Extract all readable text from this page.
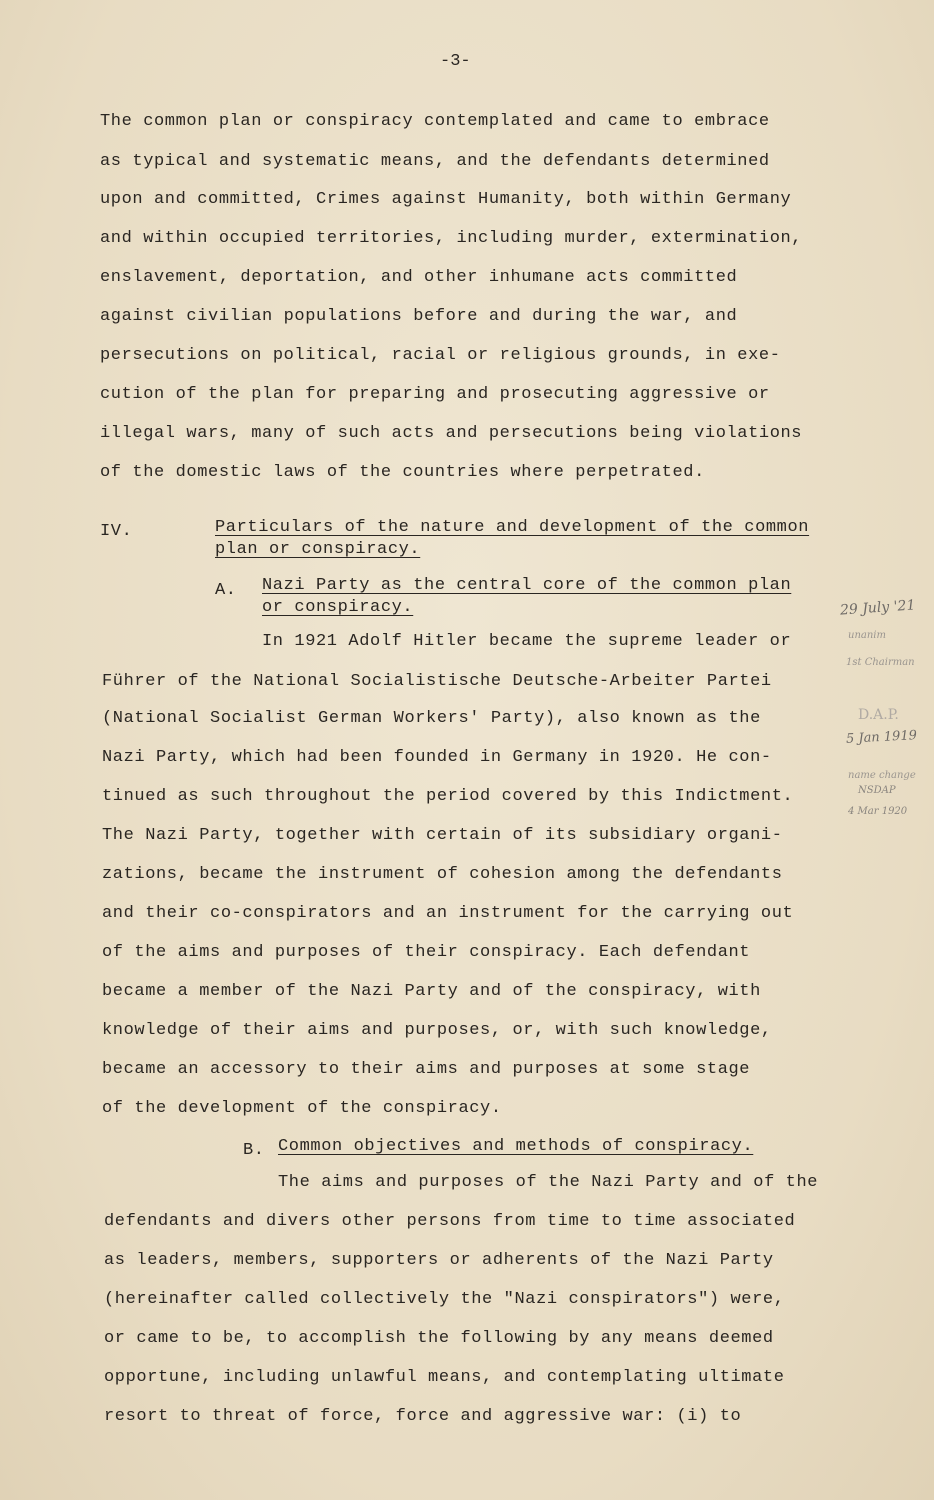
-3-
The common plan or conspiracy contemplated and came to embrace
as typical and systematic means, and the defendants determined
upon and committed, Crimes against Humanity, both within Germany
and within occupied territories, including murder, extermination,
enslavement, deportation, and other inhumane acts committed
against civilian populations before and during the war, and
persecutions on political, racial or religious grounds, in exe-
cution of the plan for preparing and prosecuting aggressive or
illegal wars, many of such acts and persecutions being violations
of the domestic laws of the countries where perpetrated.
IV.	Particulars of the nature and development of the common
plan or conspiracy.
A. Nazi Party as the central core of the common plan
or conspiracy.
In 1921 Adolf Hitler became the supreme leader or
Führer of the National Socialistische Deutsche-Arbeiter Partei
(National Socialist German Workers' Party), also known as the
Nazi Party, which had been founded in Germany in 1920. He con-
tinued as such throughout the period covered by this Indictment.
The Nazi Party, together with certain of its subsidiary organi-
zations, became the instrument of cohesion among the defendants
and their co-conspirators and an instrument for the carrying out
of the aims and purposes of their conspiracy. Each defendant
became a member of the Nazi Party and of the conspiracy, with
knowledge of their aims and purposes, or, with such knowledge,
became an accessory to their aims and purposes at some stage
of the development of the conspiracy.
B. Common objectives and methods of conspiracy.
The aims and purposes of the Nazi Party and of the
defendants and divers other persons from time to time associated
as leaders, members, supporters or adherents of the Nazi Party
(hereinafter called collectively the "Nazi conspirators") were,
or came to be, to accomplish the following by any means deemed
opportune, including unlawful means, and contemplating ultimate
resort to threat of force, force and aggressive war: (i) to
29 July '21
unanim
1st Chairman
D.A.P.
5 Jan 1919
name change
NSDAP
4 Mar 1920
